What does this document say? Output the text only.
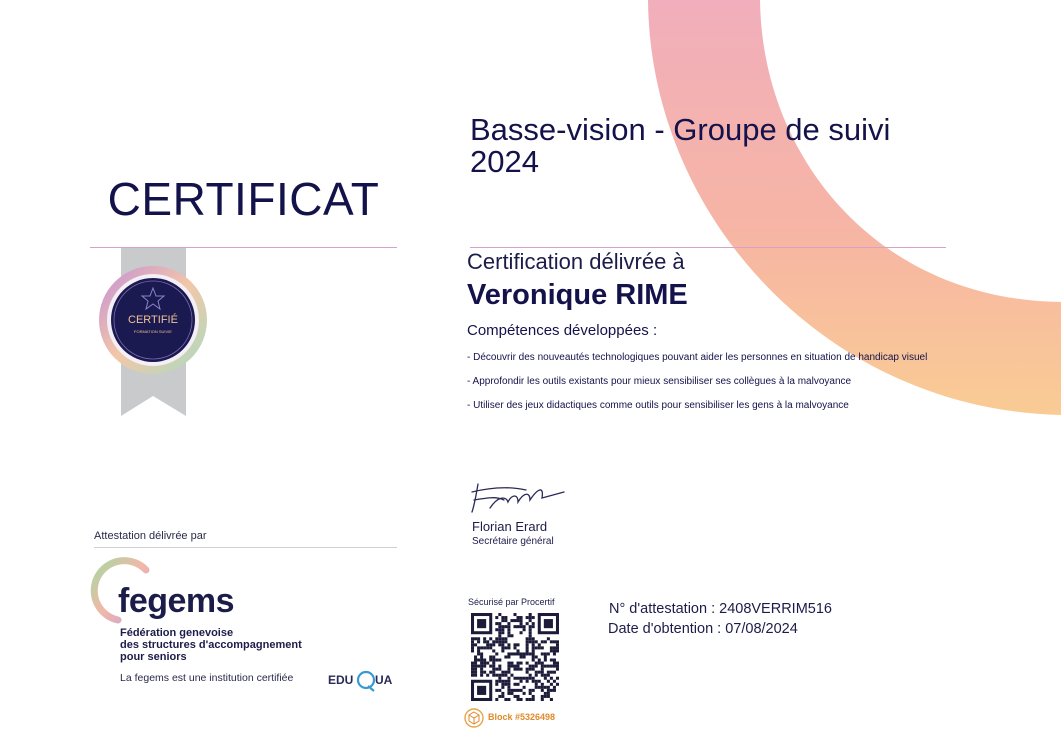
CERTIFICAT
Basse-vision - Groupe de suivi 2024
CERTIFIÉ
FORMATION SUIVIE
Certification délivrée à
Veronique RIME
Compétences développées :
- Découvrir des nouveautés technologiques pouvant aider les personnes en situation de handicap visuel
- Approfondir les outils existants pour mieux sensibiliser ses collègues à la malvoyance
- Utiliser des jeux didactiques comme outils pour sensibiliser les gens à la malvoyance
Florian Erard
Secrétaire général
Attestation délivrée par
fegems
Fédération genevoise
des structures d'accompagnement
pour seniors
La fegems est une institution certifiée	EDU UA
Sécurisé par Procertif
Block #5326498
N° d'attestation : 2408VERRIM516
Date d'obtention : 07/08/2024
